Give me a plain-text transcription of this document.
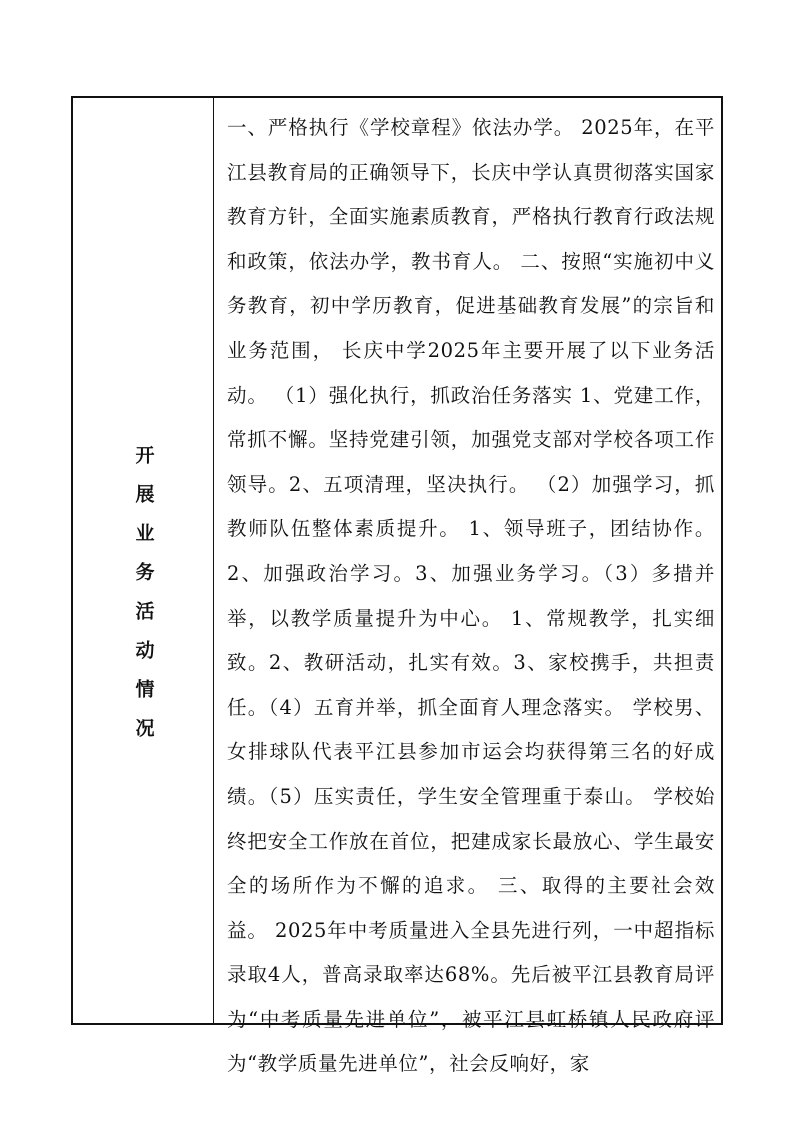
开展业务活动情况

一、严格执行《学校章程》依法办学。 2025年，在平江县教育局的正确领导下，长庆中学认真贯彻落实国家教育方针，全面实施素质教育，严格执行教育行政法规和政策，依法办学，教书育人。 二、按照“实施初中义务教育，初中学历教育，促进基础教育发展”的宗旨和业务范围， 长庆中学2025年主要开展了以下业务活动。 （1）强化执行，抓政治任务落实 1、党建工作，常抓不懈。坚持党建引领，加强党支部对学校各项工作领导。2、五项清理，坚决执行。 （2）加强学习，抓教师队伍整体素质提升。 1、领导班子，团结协作。2、加强政治学习。3、加强业务学习。（3）多措并举，以教学质量提升为中心。 1、常规教学，扎实细致。2、教研活动，扎实有效。3、家校携手，共担责任。（4）五育并举，抓全面育人理念落实。 学校男、女排球队代表平江县参加市运会均获得第三名的好成绩。（5）压实责任，学生安全管理重于泰山。 学校始终把安全工作放在首位，把建成家长最放心、学生最安全的场所作为不懈的追求。 三、取得的主要社会效益。 2025年中考质量进入全县先进行列，一中超指标录取4人，普高录取率达68%。先后被平江县教育局评为“中考质量先进单位”，被平江县虹桥镇人民政府评为“教学质量先进单位”，社会反响好，家
